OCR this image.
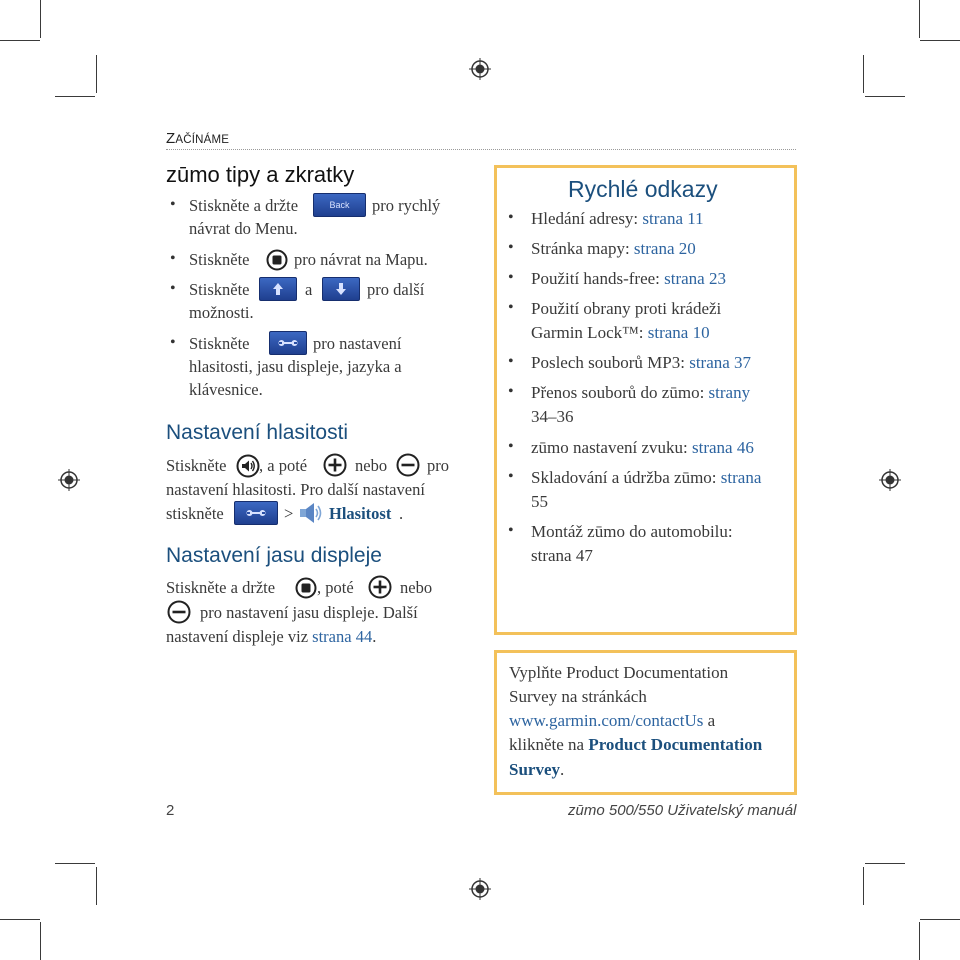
ZAČÍNÁME
zūmo tipy a zkratky
• Stiskněte a držte	Back	pro rychlý
návrat do Menu.
• Stiskněte	pro návrat na Mapu.
• Stiskněte	a	pro další
možnosti.
• Stiskněte	pro nastavení
hlasitosti, jasu displeje, jazyka a
klávesnice.
Nastavení hlasitosti
Stiskněte , a poté	nebo pro
nastavení hlasitosti. Pro další nastavení
stiskněte	> Hlasitost .
Nastavení jasu displeje
Stiskněte a držte	, poté	nebo
pro nastavení jasu displeje. Další
nastavení displeje viz strana 44.
Rychlé odkazy
• Hledání adresy: strana 11
• Stránka mapy: strana 20
• Použití hands-free: strana 23
• Použití obrany proti krádeži
Garmin Lock™: strana 10
• Poslech souborů MP3: strana 37
• Přenos souborů do zūmo: strany
34–36
• zūmo nastavení zvuku: strana 46
• Skladování a údržba zūmo: strana
55
• Montáž zūmo do automobilu:
strana 47
Vyplňte Product Documentation
Survey na stránkách
www.garmin.com/contactUs a
klikněte na Product Documentation
Survey.
2	zūmo 500/550 Uživatelský manuál
